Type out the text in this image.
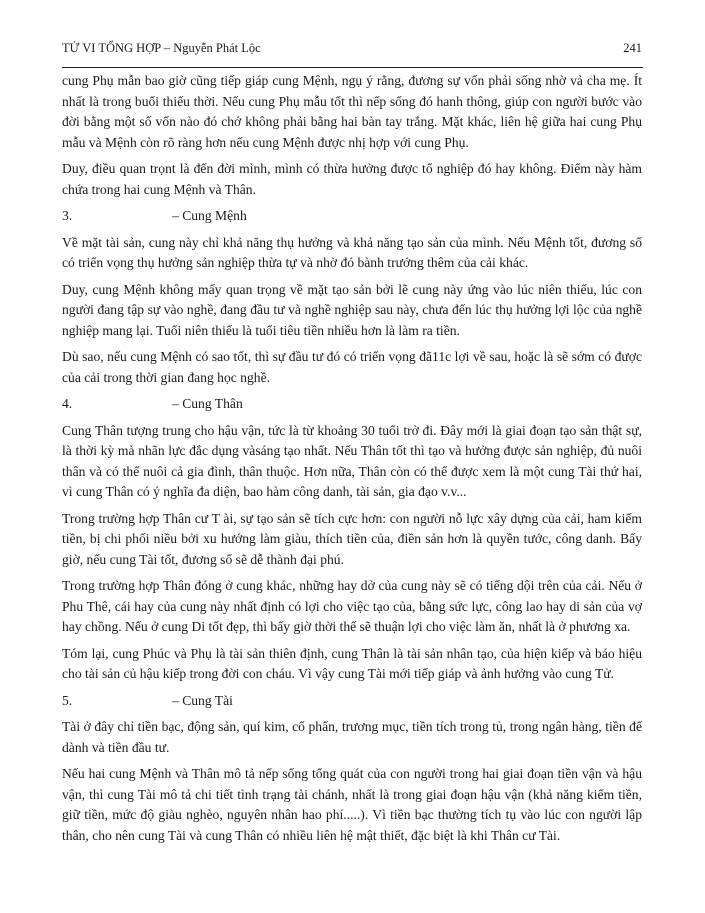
TỬ VI TỔNG HỢP – Nguyễn Phát Lộc	241

cung Phụ mẫn bao giờ cũng tiếp giáp cung Mệnh, ngụ ý rằng, đương sự vốn phải sống nhờ vả cha mẹ. Ít nhất là trong buổi thiếu thời. Nếu cung Phụ mẫu tốt thì nếp sống đó hanh thông, giúp con người bước vào đời bằng một số vốn nào đó chớ không phải bằng hai bàn tay trắng. Mặt khác, liên hệ giữa hai cung Phụ mẫu và Mệnh còn rõ ràng hơn nếu cung Mệnh được nhị hợp với cung Phụ.

Duy, điều quan trọnt là đến đời mình, mình có thừa hưởng được tổ nghiệp đó hay không. Điểm này hàm chứa trong hai cung Mệnh và Thân.

3.	– Cung Mệnh

Về mặt tài sản, cung này chỉ khả năng thụ hưởng và khả năng tạo sản của mình. Nếu Mệnh tốt, đương số có triển vọng thụ hưởng sản nghiệp thừa tự và nhờ đó bành trướng thêm của cải khác.

Duy, cung Mệnh không mấy quan trọng về mặt tạo sản bởi lẽ cung này ứng vào lúc niên thiếu, lúc con người đang tập sự vào nghề, đang đầu tư và nghề nghiệp sau này, chưa đến lúc thụ hưởng lợi lộc của nghề nghiệp mang lại. Tuổi niên thiếu là tuổi tiêu tiền nhiều hơn là làm ra tiền.

Dù sao, nếu cung Mệnh có sao tốt, thì sự đầu tư đó có triển vọng đã11c lợi về sau, hoặc là sẽ sớm có được của cải trong thời gian đang học nghề.

4.	– Cung Thân

Cung Thân tượng trung cho hậu vận, tức là từ khoảng 30 tuổi trở đi. Đây mới là giai đoạn tạo sản thật sự, là thời kỳ mà nhãn lực đắc dụng vàsáng tạo nhất. Nếu Thân tốt thì tạo và hưởng được sản nghiệp, đủ nuôi thân và có thể nuôi cả gia đình, thân thuộc. Hơn nữa, Thân còn có thể được xem là một cung Tài thứ hai, vì cung Thân có ý nghĩa đa diện, bao hàm công danh, tài sản, gia đạo v.v...

Trong trường hợp Thân cư T ài, sự tạo sản sẽ tích cực hơn: con người nỗ lực xây dựng của cải, ham kiếm tiền, bị chi phối niều bởi xu hướng làm giàu, thích tiền của, điền sản hơn là quyền tước, công danh. Bấy giờ, nếu cung Tài tốt, đương số sẽ dễ thành đại phú.

Trong trường hợp Thân đóng ở cung khác, những hay dở của cung này sẽ có tiếng dội trên của cải. Nếu ở Phu Thê, cái hay của cung này nhất định có lợi cho việc tạo của, bằng sức lực, công lao hay di sản của vợ hay chồng. Nếu ở cung Di tốt đẹp, thì bấy giờ thời thế sẽ thuận lợi cho việc làm ăn, nhất là ở phương xa.

Tóm lại, cung Phúc và Phụ là tài sản thiên định, cung Thân là tài sản nhân tạo, của hiện kiếp và báo hiệu cho tài sản củ hậu kiếp trong đời con cháu. Vì vậy cung Tài mới tiếp giáp và ảnh hưởng vào cung Tử.

5.	– Cung Tài

Tài ở đây chỉ tiền bạc, động sản, quí kim, cổ phẩn, trương mục, tiền tích trong tủ, trong ngân hàng, tiền để dành và tiền đầu tư.

Nếu hai cung Mệnh và Thân mô tả nếp sống tổng quát của con người trong hai giai đoạn tiền vận và hậu vận, thì cung Tài mô tả chi tiết tình trạng tài chánh, nhất là trong giai đoạn hậu vận (khả năng kiếm tiền, giữ tiền, mức độ giàu nghèo, nguyên nhân hao phí.....). Vì tiền bạc thường tích tụ vào lúc con người lập thân, cho nên cung Tài và cung Thân có nhiều liên hệ mật thiết, đặc biệt là khi Thân cư Tài.
